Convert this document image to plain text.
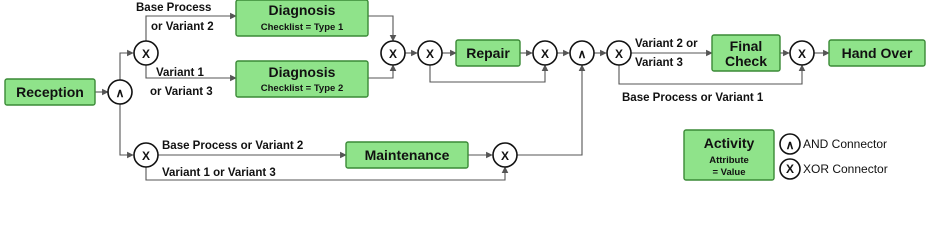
Reception
Diagnosis
Checklist = Type 1
Diagnosis
Checklist = Type 2
Repair	Final
Check	Hand Over
Maintenance
∧
X
X
X X	X ∧ X	X
X
Base Process
or Variant 2
Variant 1
or Variant 3
Variant 2 or
Variant 3
Base Process or Variant 1
Base Process or Variant 2
Variant 1 or Variant 3
Activity
Attribute
= Value
∧ AND Connector
X XOR Connector
